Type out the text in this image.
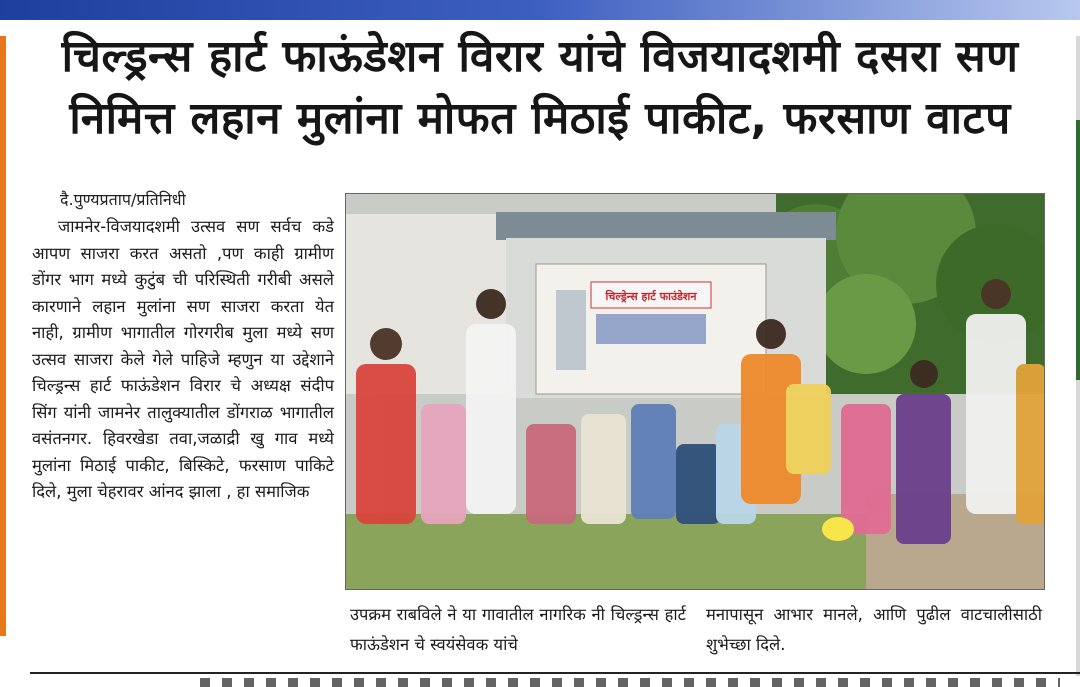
चिल्ड्रन्स हार्ट फाऊंडेशन विरार यांचे विजयादशमी दसरा सण निमित्त लहान मुलांना मोफत मिठाई पाकीट, फरसाण वाटप
दै.पुण्यप्रताप/प्रतिनिधी

जामनेर-विजयादशमी उत्सव सण सर्वच कडे आपण साजरा करत असतो ,पण काही ग्रामीण डोंगर भाग मध्ये कुटुंब ची परिस्थिती गरीबी असले कारणाने लहान मुलांना सण साजरा करता येत नाही, ग्रामीण भागातील गोरगरीब मुला मध्ये सण उत्सव साजरा केले गेले पाहिजे म्हणुन या उद्देशाने चिल्ड्रन्स हार्ट फाऊंडेशन विरार चे अध्यक्ष संदीप सिंग यांनी जामनेर तालुक्यातील डोंगराळ भागातील वसंतनगर. हिवरखेडा तवा,जळाद्री खु गाव मध्ये मुलांना मिठाई पाकीट, बिस्किटे, फरसाण पाकिटे दिले, मुला चेहरावर आंनद झाला , हा समाजिक

चिल्ड्रेन्स हार्ट फाउंडेशन
उपक्रम राबविले ने या गावातील नागरिक नी चिल्ड्रन्स हार्ट फाऊंडेशन चे स्वयंसेवक यांचे
मनापासून आभार मानले, आणि पुढील वाटचालीसाठी शुभेच्छा दिले.
